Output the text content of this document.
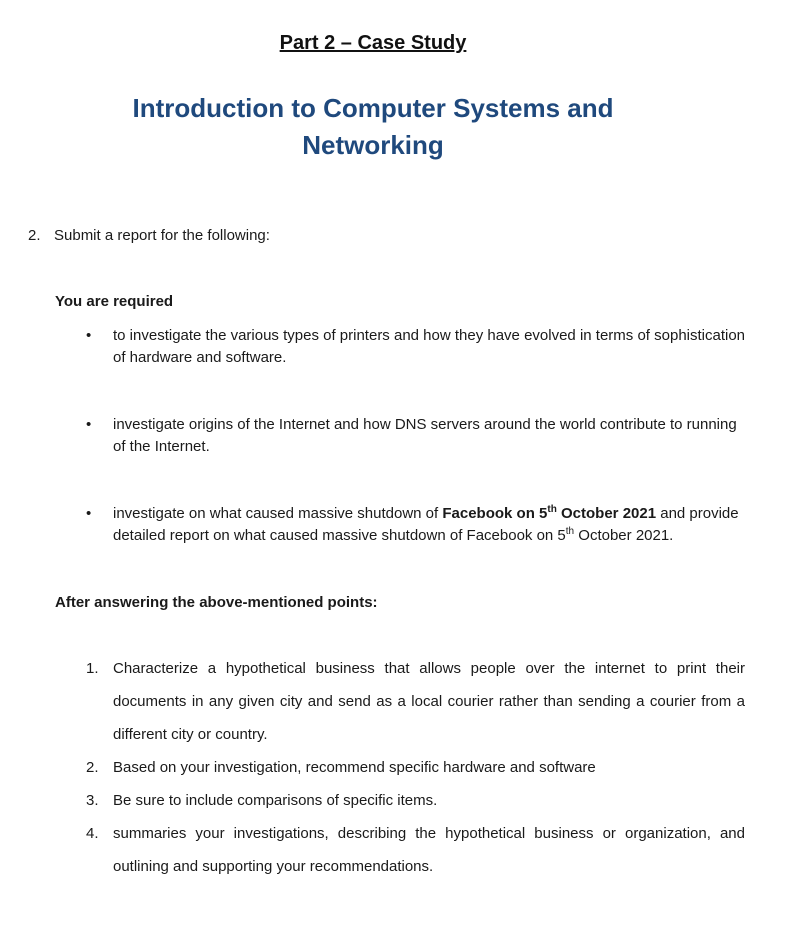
Part 2 – Case Study
Introduction to Computer Systems and
Networking
2. Submit a report for the following:
You are required
• to investigate the various types of printers and how they have evolved in terms of sophistication of hardware and software.
• investigate origins of the Internet and how DNS servers around the world contribute to running of the Internet.
• investigate on what caused massive shutdown of Facebook on 5th October 2021 and provide detailed report on what caused massive shutdown of Facebook on 5th October 2021.
After answering the above-mentioned points:
1. Characterize a hypothetical business that allows people over the internet to print their documents in any given city and send as a local courier rather than sending a courier from a different city or country.
2. Based on your investigation, recommend specific hardware and software
3. Be sure to include comparisons of specific items.
4. summaries your investigations, describing the hypothetical business or organization, and outlining and supporting your recommendations.
